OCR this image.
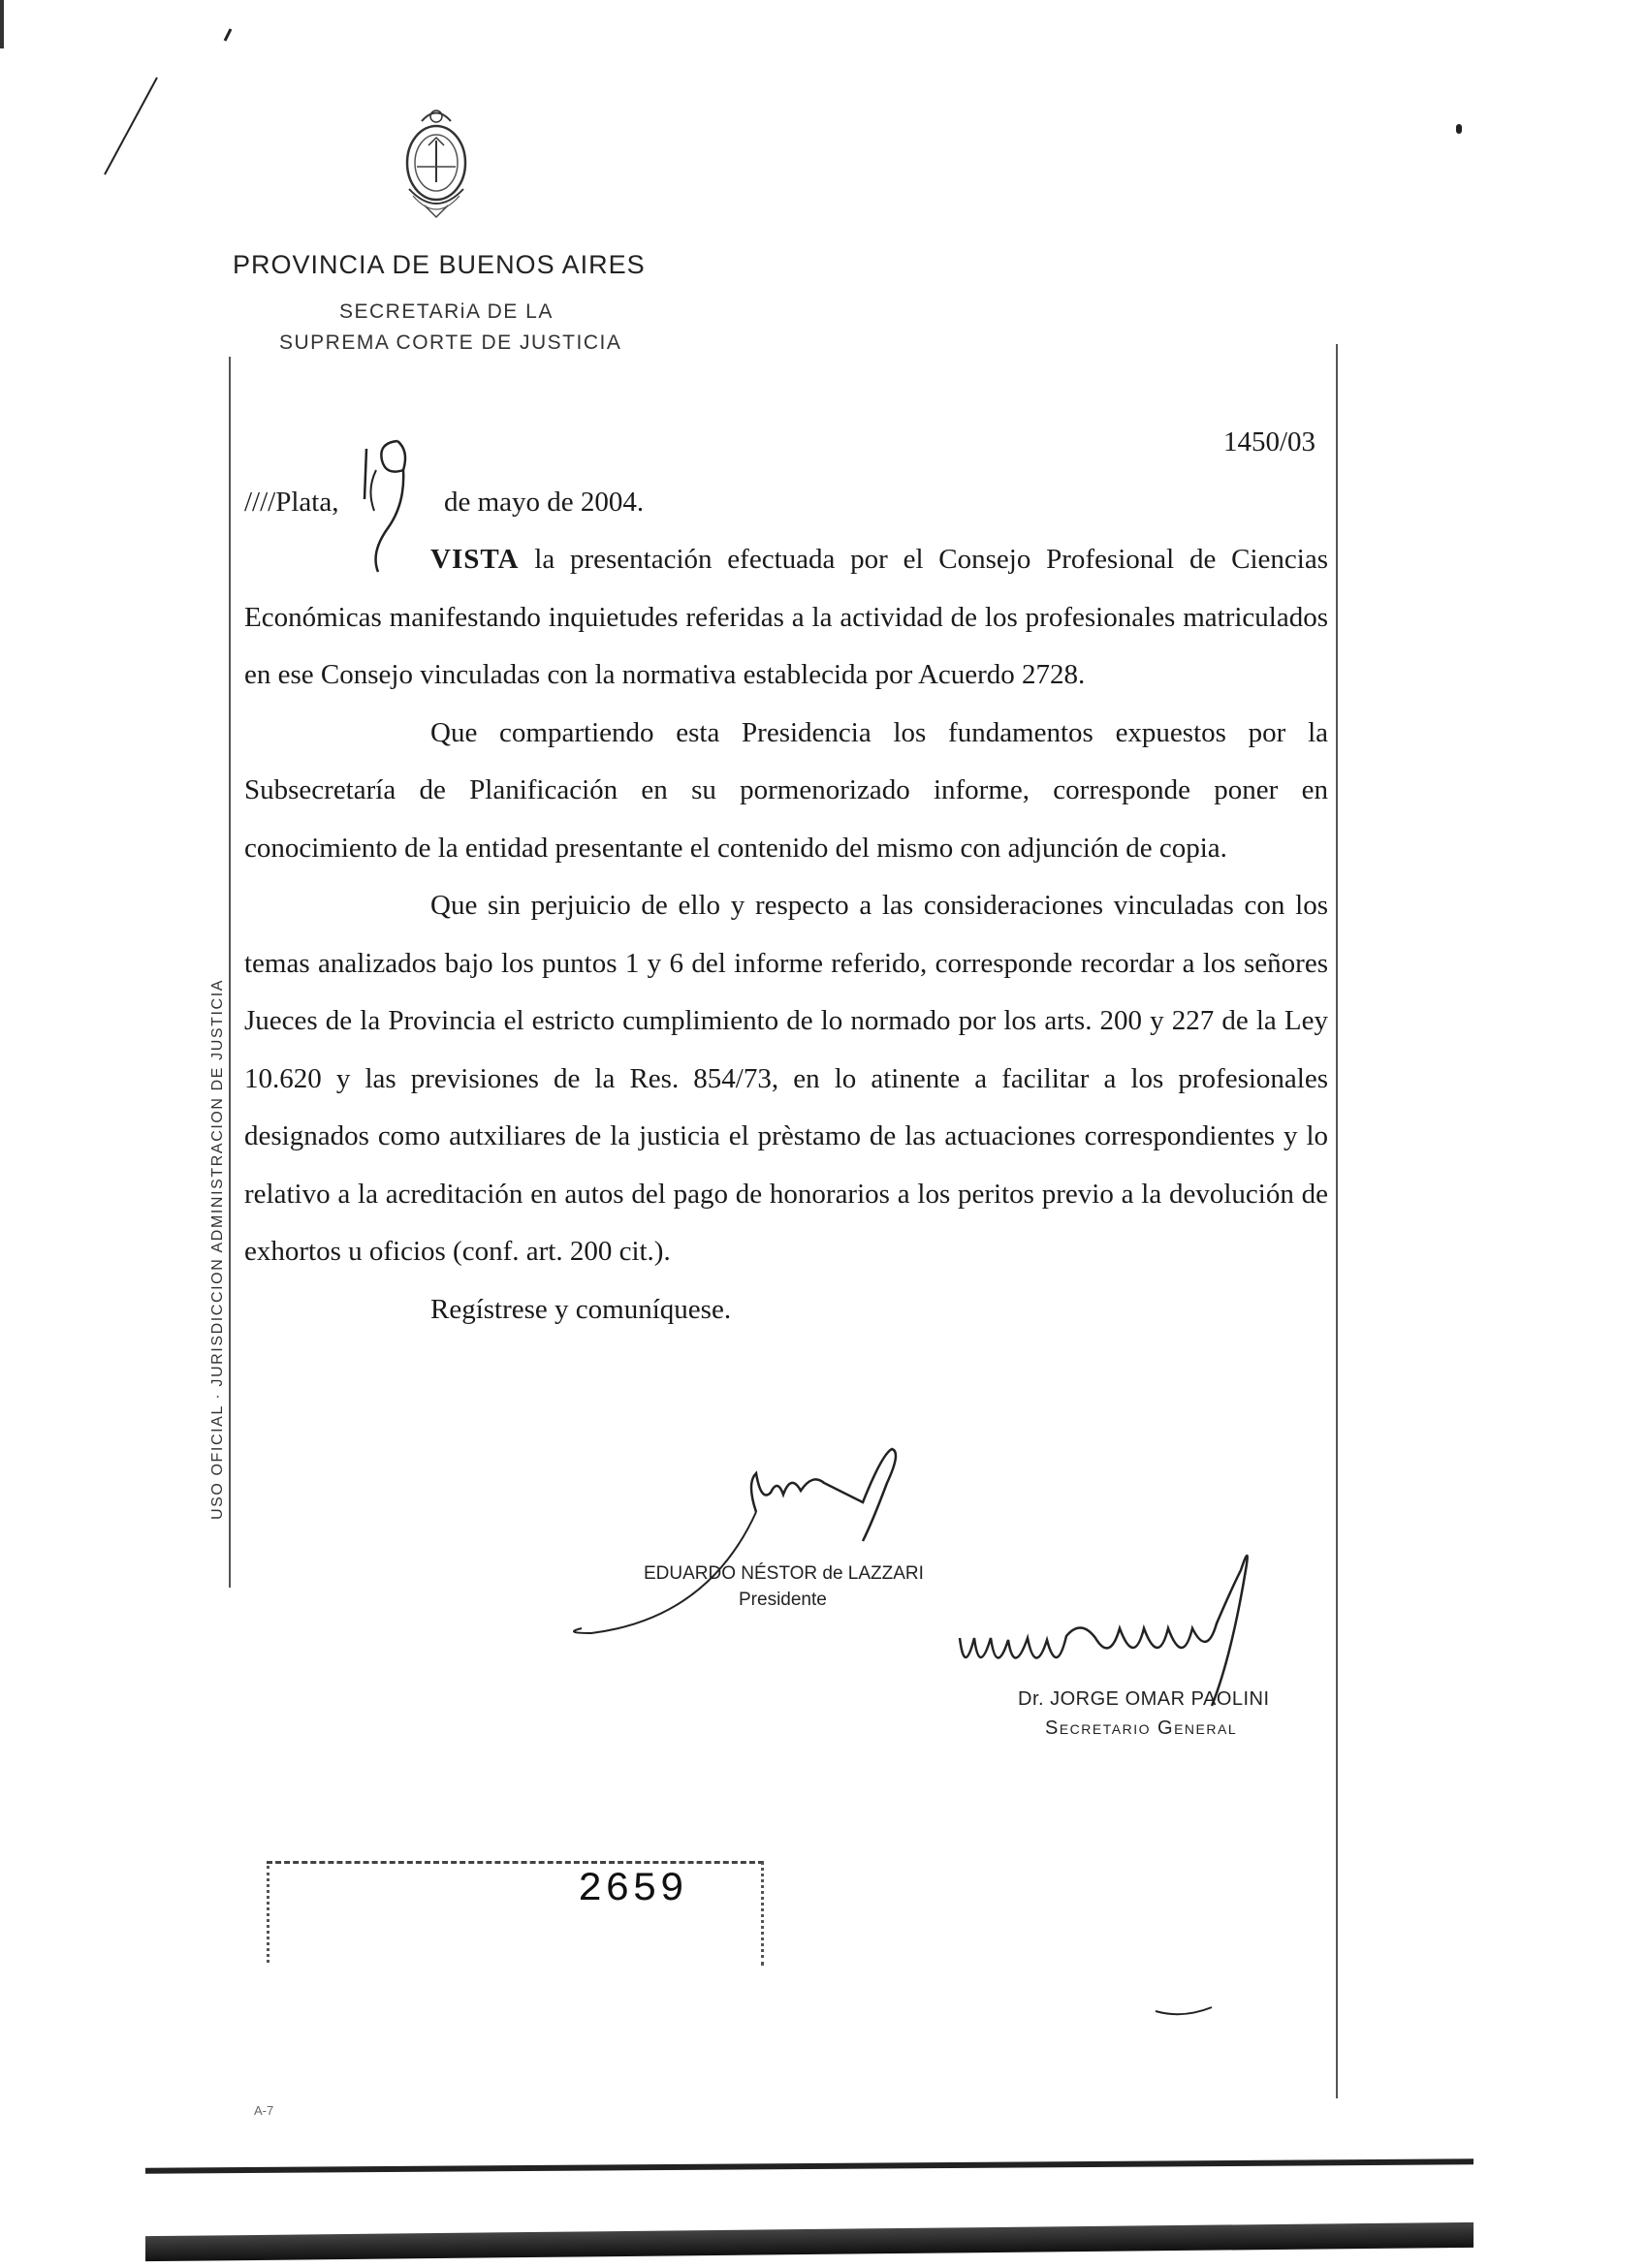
PROVINCIA DE BUENOS AIRES
SECRETARiA DE LA
SUPREMA CORTE DE JUSTICIA
USO OFICIAL · JURISDICCION ADMINISTRACION DE JUSTICIA
1450/03
////Plata,	de mayo de 2004.

VISTA la presentación efectuada por el Consejo Profesional de Ciencias Económicas manifestando inquietudes referidas a la actividad de los profesionales matriculados en ese Consejo vinculadas con la normativa establecida por Acuerdo 2728.

Que compartiendo esta Presidencia los fundamentos expuestos por la Subsecretaría de Planificación en su pormenorizado informe, corresponde poner en conocimiento de la entidad presentante el contenido del mismo con adjunción de copia.

Que sin perjuicio de ello y respecto a las consideraciones vinculadas con los temas analizados bajo los puntos 1 y 6 del informe referido, corresponde recordar a los señores Jueces de la Provincia el estricto cumplimiento de lo normado por los arts. 200 y 227 de la Ley 10.620 y las previsiones de la Res. 854/73, en lo atinente a facilitar a los profesionales designados como autxiliares de la justicia el prèstamo de las actuaciones correspondientes y lo relativo a la acreditación en autos del pago de honorarios a los peritos previo a la devolución de exhortos u oficios (conf. art. 200 cit.).

Regístrese y comuníquese.

EDUARDO NÉSTOR de LAZZARI
Presidente
Dr. JORGE OMAR PAOLINI
Secretario General
2659
A-7
